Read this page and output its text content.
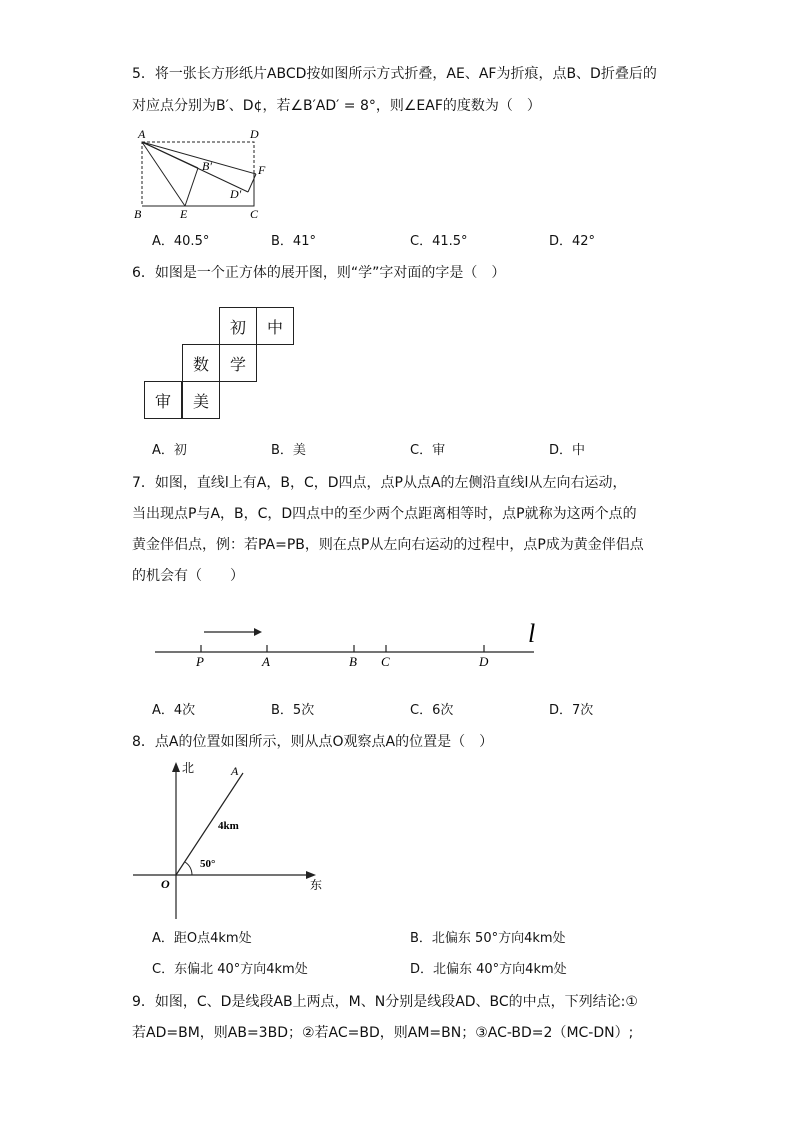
5．将一张长方形纸片ABCD按如图所示方式折叠，AE、AF为折痕，点B、D折叠后的
对应点分别为B′、D¢，若∠B′AD′ = 8°，则∠EAF的度数为（　）
A	D
B′	F
D′
B	E	C
A．40.5°	B．41°	C．41.5°	D．42°
6．如图是一个正方体的展开图，则“学”字对面的字是（　）
初	中
数	学
审	美
A．初	B．美	C．审	D．中
7．如图，直线l上有A，B，C，D四点，点P从点A的左侧沿直线l从左向右运动，
当出现点P与A，B，C，D四点中的至少两个点距离相等时，点P就称为这两个点的
黄金伴侣点，例：若PA=PB，则在点P从左向右运动的过程中，点P成为黄金伴侣点
的机会有（　　）
l
P	A	B C	D
A．4次	B．5次	C．6次	D．7次
8．点A的位置如图所示，则从点O观察点A的位置是（　）
北
东
O
A
4km
50°
A．距O点4km处	B．北偏东 50°方向4km处
C．东偏北 40°方向4km处	D．北偏东 40°方向4km处
9．如图，C、D是线段AB上两点，M、N分别是线段AD、BC的中点，下列结论:①
若AD=BM，则AB=3BD；②若AC=BD，则AM=BN；③AC-BD=2（MC-DN）;
